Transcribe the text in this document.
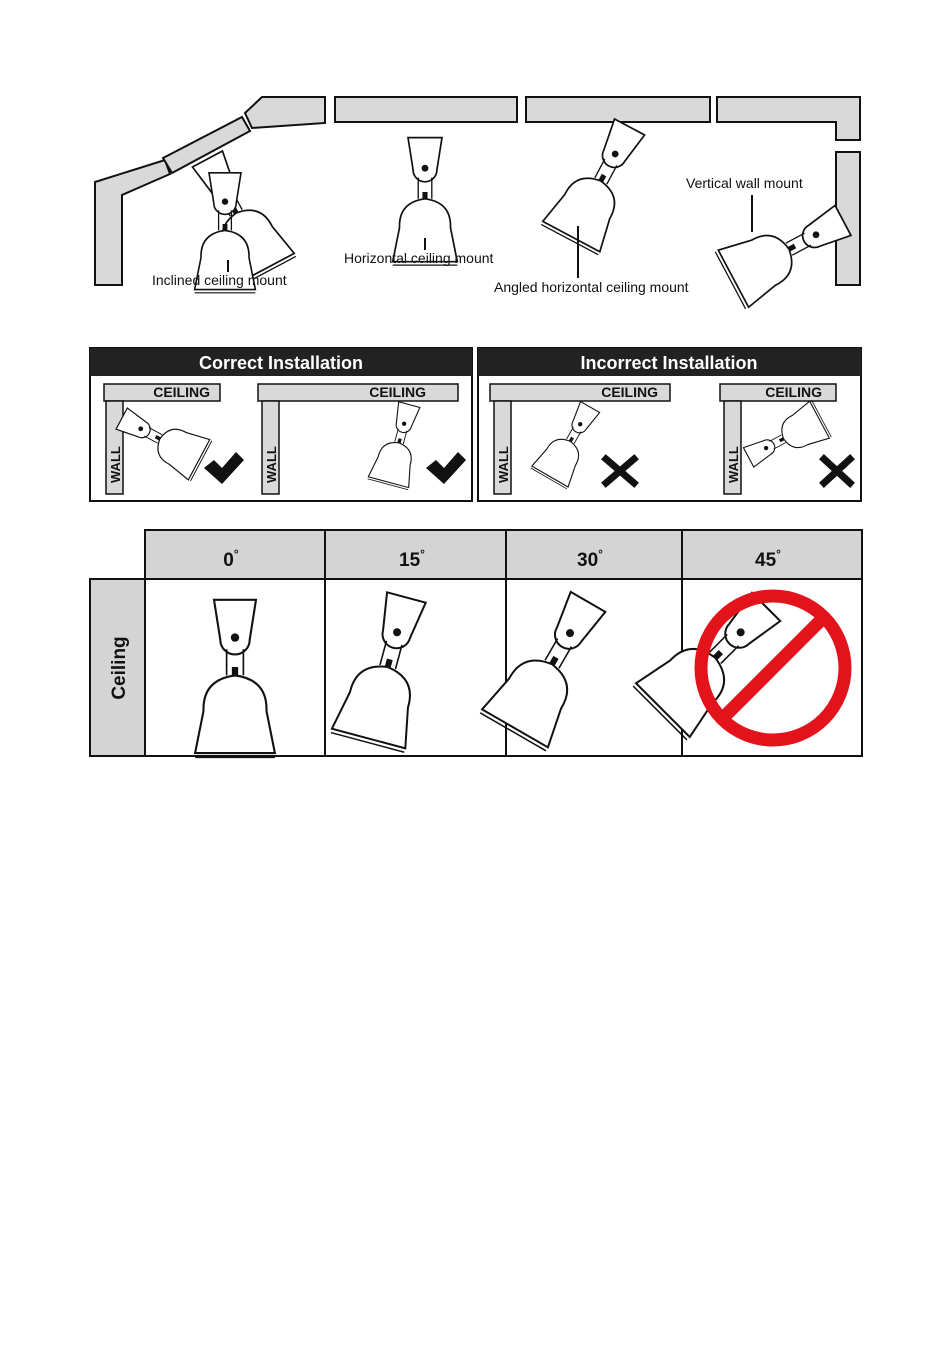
Inclined ceiling mount
Horizontal ceiling mount
Angled horizontal ceiling mount
Vertical wall mount
Correct Installation
CEILING
WALL
CEILING
WALL
Incorrect Installation
CEILING
WALL
CEILING
WALL
Ceiling
0°	15°	30°	45°
